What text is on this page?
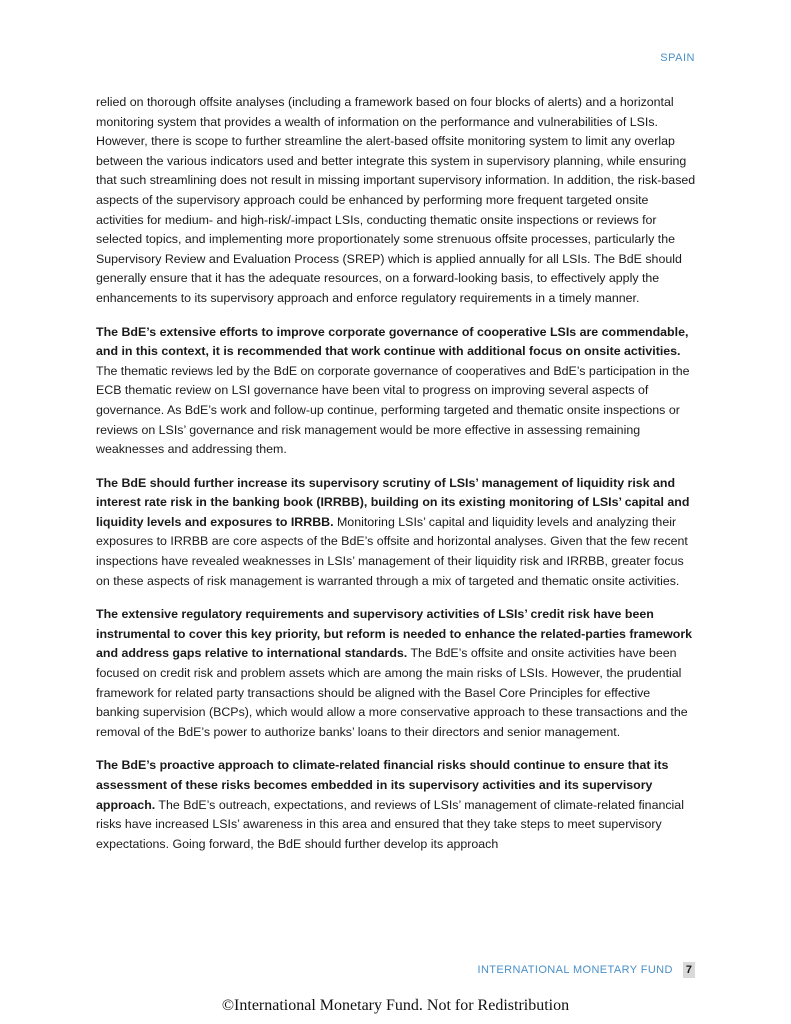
SPAIN

relied on thorough offsite analyses (including a framework based on four blocks of alerts) and a horizontal monitoring system that provides a wealth of information on the performance and vulnerabilities of LSIs. However, there is scope to further streamline the alert-based offsite monitoring system to limit any overlap between the various indicators used and better integrate this system in supervisory planning, while ensuring that such streamlining does not result in missing important supervisory information. In addition, the risk-based aspects of the supervisory approach could be enhanced by performing more frequent targeted onsite activities for medium- and high-risk/-impact LSIs, conducting thematic onsite inspections or reviews for selected topics, and implementing more proportionately some strenuous offsite processes, particularly the Supervisory Review and Evaluation Process (SREP) which is applied annually for all LSIs. The BdE should generally ensure that it has the adequate resources, on a forward-looking basis, to effectively apply the enhancements to its supervisory approach and enforce regulatory requirements in a timely manner.

The BdE’s extensive efforts to improve corporate governance of cooperative LSIs are commendable, and in this context, it is recommended that work continue with additional focus on onsite activities. The thematic reviews led by the BdE on corporate governance of cooperatives and BdE’s participation in the ECB thematic review on LSI governance have been vital to progress on improving several aspects of governance. As BdE’s work and follow-up continue, performing targeted and thematic onsite inspections or reviews on LSIs’ governance and risk management would be more effective in assessing remaining weaknesses and addressing them.

The BdE should further increase its supervisory scrutiny of LSIs’ management of liquidity risk and interest rate risk in the banking book (IRRBB), building on its existing monitoring of LSIs’ capital and liquidity levels and exposures to IRRBB. Monitoring LSIs’ capital and liquidity levels and analyzing their exposures to IRRBB are core aspects of the BdE’s offsite and horizontal analyses. Given that the few recent inspections have revealed weaknesses in LSIs’ management of their liquidity risk and IRRBB, greater focus on these aspects of risk management is warranted through a mix of targeted and thematic onsite activities.

The extensive regulatory requirements and supervisory activities of LSIs’ credit risk have been instrumental to cover this key priority, but reform is needed to enhance the related-parties framework and address gaps relative to international standards. The BdE’s offsite and onsite activities have been focused on credit risk and problem assets which are among the main risks of LSIs. However, the prudential framework for related party transactions should be aligned with the Basel Core Principles for effective banking supervision (BCPs), which would allow a more conservative approach to these transactions and the removal of the BdE’s power to authorize banks’ loans to their directors and senior management.

The BdE’s proactive approach to climate-related financial risks should continue to ensure that its assessment of these risks becomes embedded in its supervisory activities and its supervisory approach. The BdE’s outreach, expectations, and reviews of LSIs’ management of climate-related financial risks have increased LSIs’ awareness in this area and ensured that they take steps to meet supervisory expectations. Going forward, the BdE should further develop its approach

INTERNATIONAL MONETARY FUND 7
©International Monetary Fund. Not for Redistribution
